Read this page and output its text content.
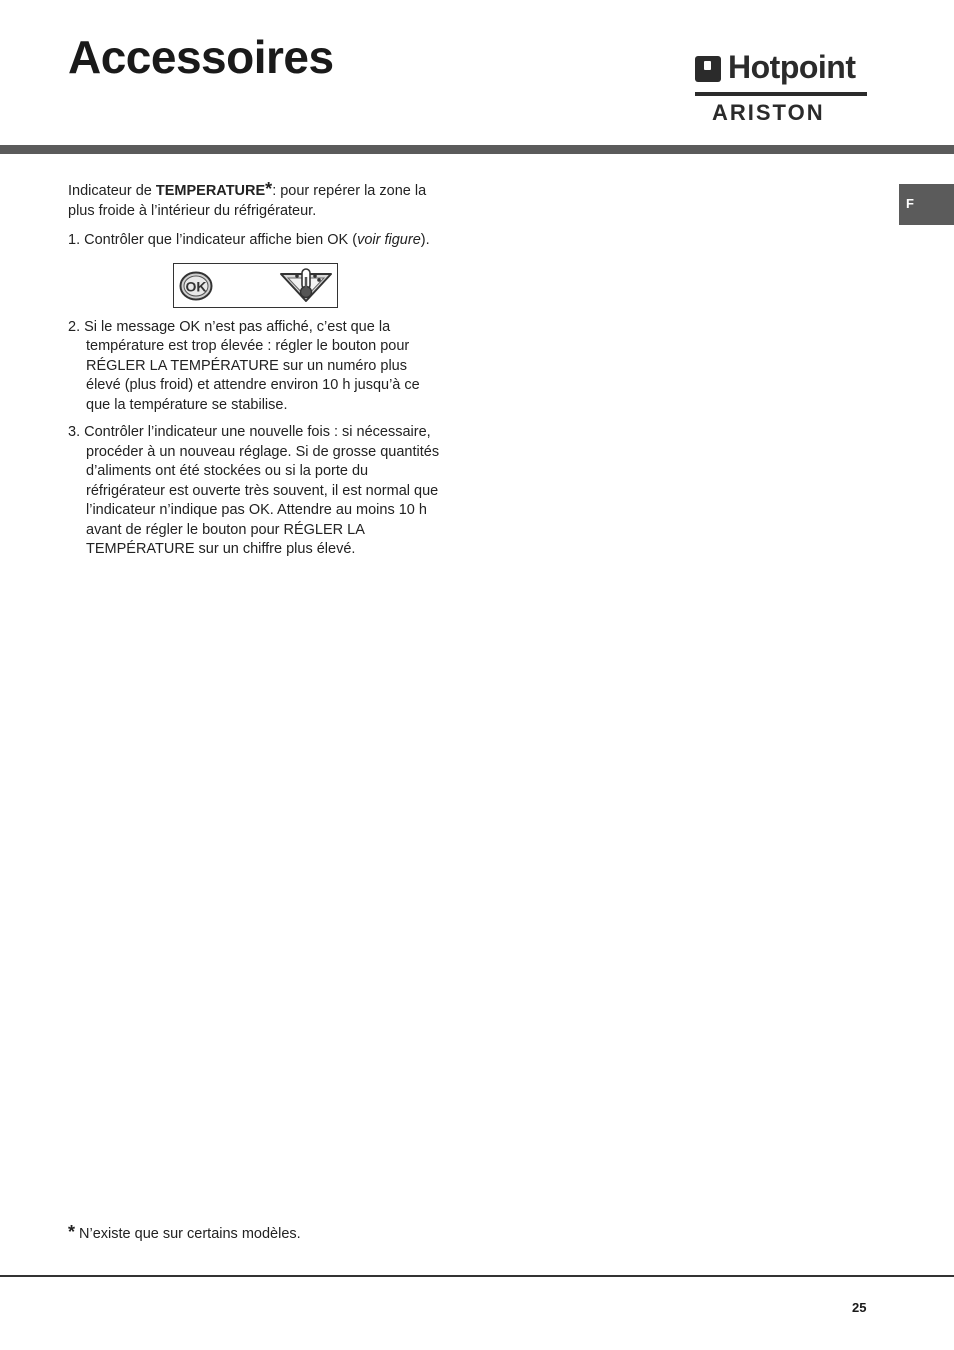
Accessoires	Hotpoint
ARISTON
F

Indicateur de TEMPERATURE*: pour repérer la zone la plus froide à l’intérieur du réfrigérateur.

1. Contrôler que l’indicateur affiche bien OK (voir figure).

OK

2. Si le message OK n’est pas affiché, c’est que la température est trop élevée : régler le bouton pour RÉGLER LA TEMPÉRATURE sur un numéro plus élevé (plus froid) et attendre environ 10 h jusqu’à ce que la température se stabilise.

3. Contrôler l’indicateur une nouvelle fois : si nécessaire, procéder à un nouveau réglage. Si de grosse quantités d’aliments ont été stockées ou si la porte du réfrigérateur est ouverte très souvent, il est normal que l’indicateur n’indique pas OK. Attendre au moins 10 h avant de régler le bouton pour RÉGLER LA TEMPÉRATURE sur un chiffre plus élevé.

* N’existe que sur certains modèles.
25
